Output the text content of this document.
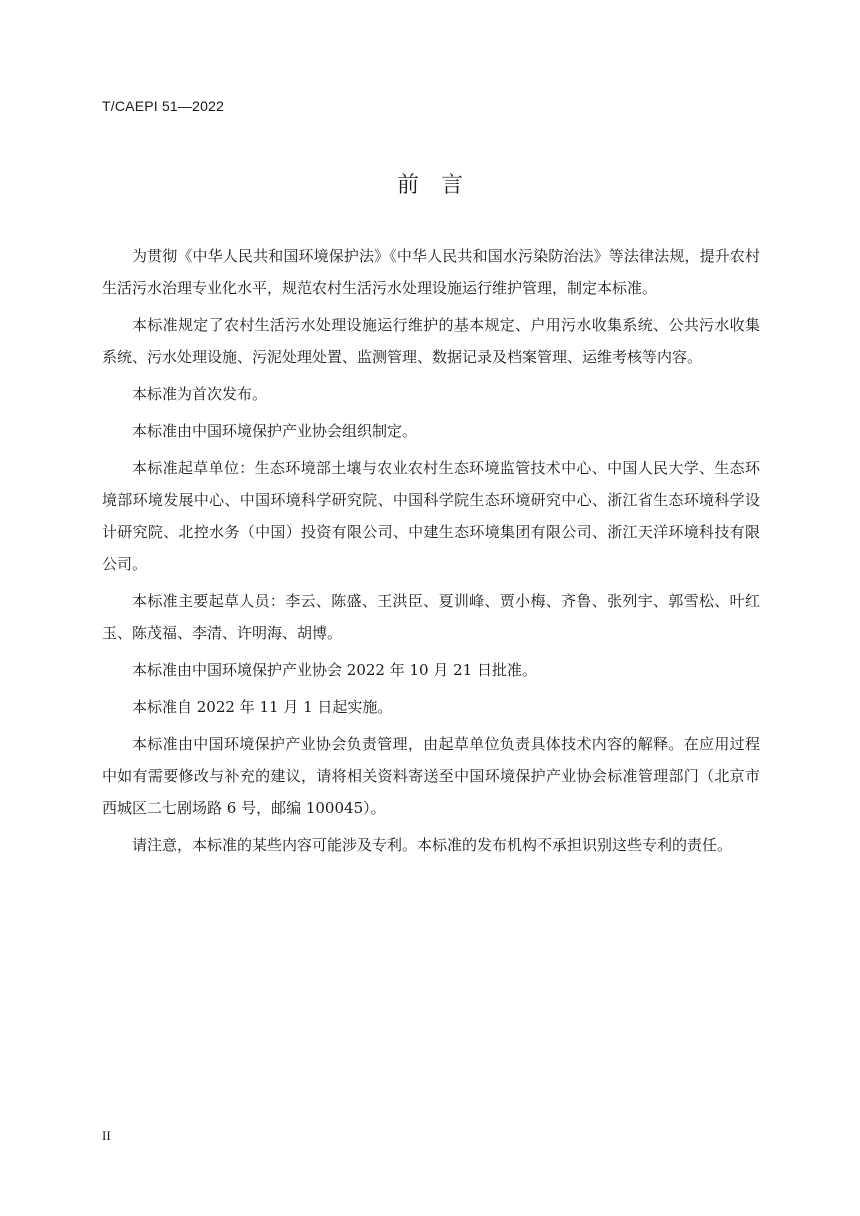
T/CAEPI 51—2022
前言

为贯彻《中华人民共和国环境保护法》《中华人民共和国水污染防治法》等法律法规，提升农村生活污水治理专业化水平，规范农村生活污水处理设施运行维护管理，制定本标准。

本标准规定了农村生活污水处理设施运行维护的基本规定、户用污水收集系统、公共污水收集系统、污水处理设施、污泥处理处置、监测管理、数据记录及档案管理、运维考核等内容。

本标准为首次发布。

本标准由中国环境保护产业协会组织制定。

本标准起草单位：生态环境部土壤与农业农村生态环境监管技术中心、中国人民大学、生态环境部环境发展中心、中国环境科学研究院、中国科学院生态环境研究中心、浙江省生态环境科学设计研究院、北控水务（中国）投资有限公司、中建生态环境集团有限公司、浙江天洋环境科技有限公司。

本标准主要起草人员：李云、陈盛、王洪臣、夏训峰、贾小梅、齐鲁、张列宇、郭雪松、叶红玉、陈茂福、李清、许明海、胡博。

本标准由中国环境保护产业协会 2022 年 10 月 21 日批准。

本标准自 2022 年 11 月 1 日起实施。

本标准由中国环境保护产业协会负责管理，由起草单位负责具体技术内容的解释。在应用过程中如有需要修改与补充的建议，请将相关资料寄送至中国环境保护产业协会标准管理部门（北京市西城区二七剧场路 6 号，邮编 100045）。

请注意，本标准的某些内容可能涉及专利。本标准的发布机构不承担识别这些专利的责任。

II
